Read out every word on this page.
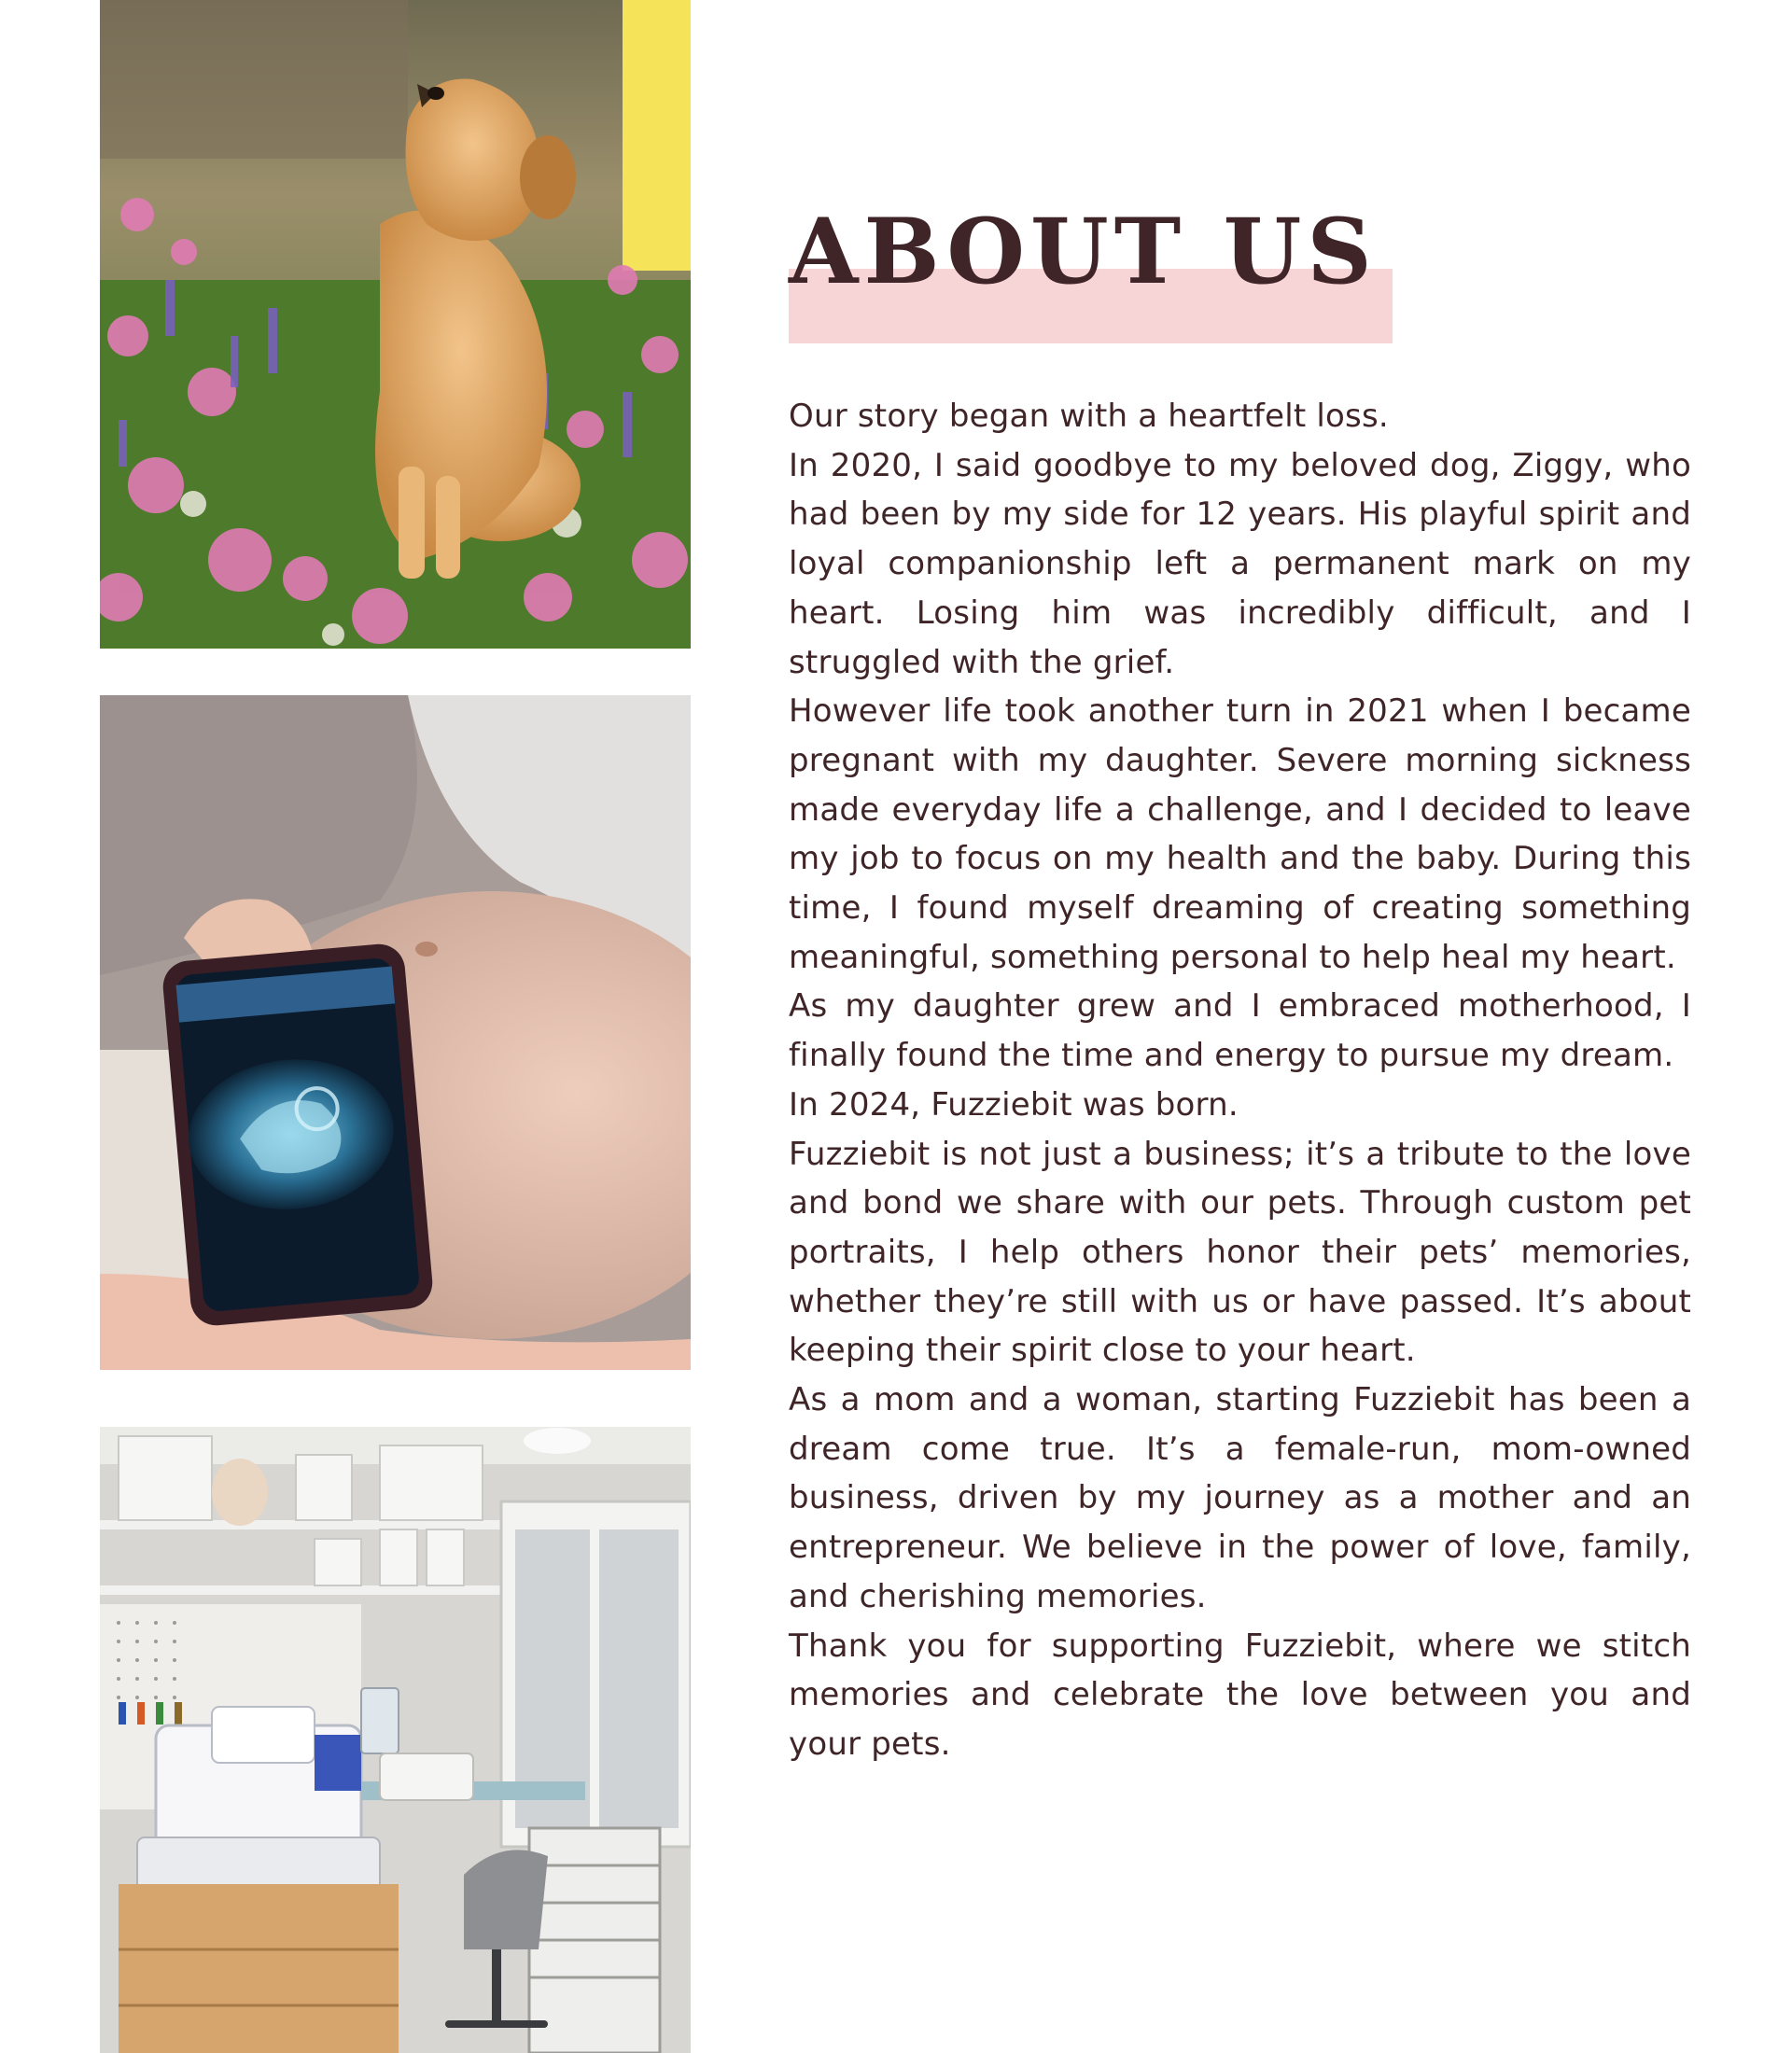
ABOUT US

Our story began with a heartfelt loss.

In 2020, I said goodbye to my beloved dog, Ziggy, who had been by my side for 12 years. His playful spirit and loyal companionship left a permanent mark on my heart. Losing him was incredibly difficult, and I struggled with the grief.

However life took another turn in 2021 when I became pregnant with my daughter. Severe morning sickness made everyday life a challenge, and I decided to leave my job to focus on my health and the baby. During this time, I found myself dreaming of creating something meaningful, something personal to help heal my heart.

As my daughter grew and I embraced motherhood, I finally found the time and energy to pursue my dream.

In 2024, Fuzziebit was born.

Fuzziebit is not just a business; it’s a tribute to the love and bond we share with our pets. Through custom pet portraits, I help others honor their pets’ memories, whether they’re still with us or have passed. It’s about keeping their spirit close to your heart.

As a mom and a woman, starting Fuzziebit has been a dream come true. It’s a female-run, mom-owned business, driven by my journey as a mother and an entrepreneur. We believe in the power of love, family, and cherishing memories.

Thank you for supporting Fuzziebit, where we stitch memories and celebrate the love between you and your pets.
